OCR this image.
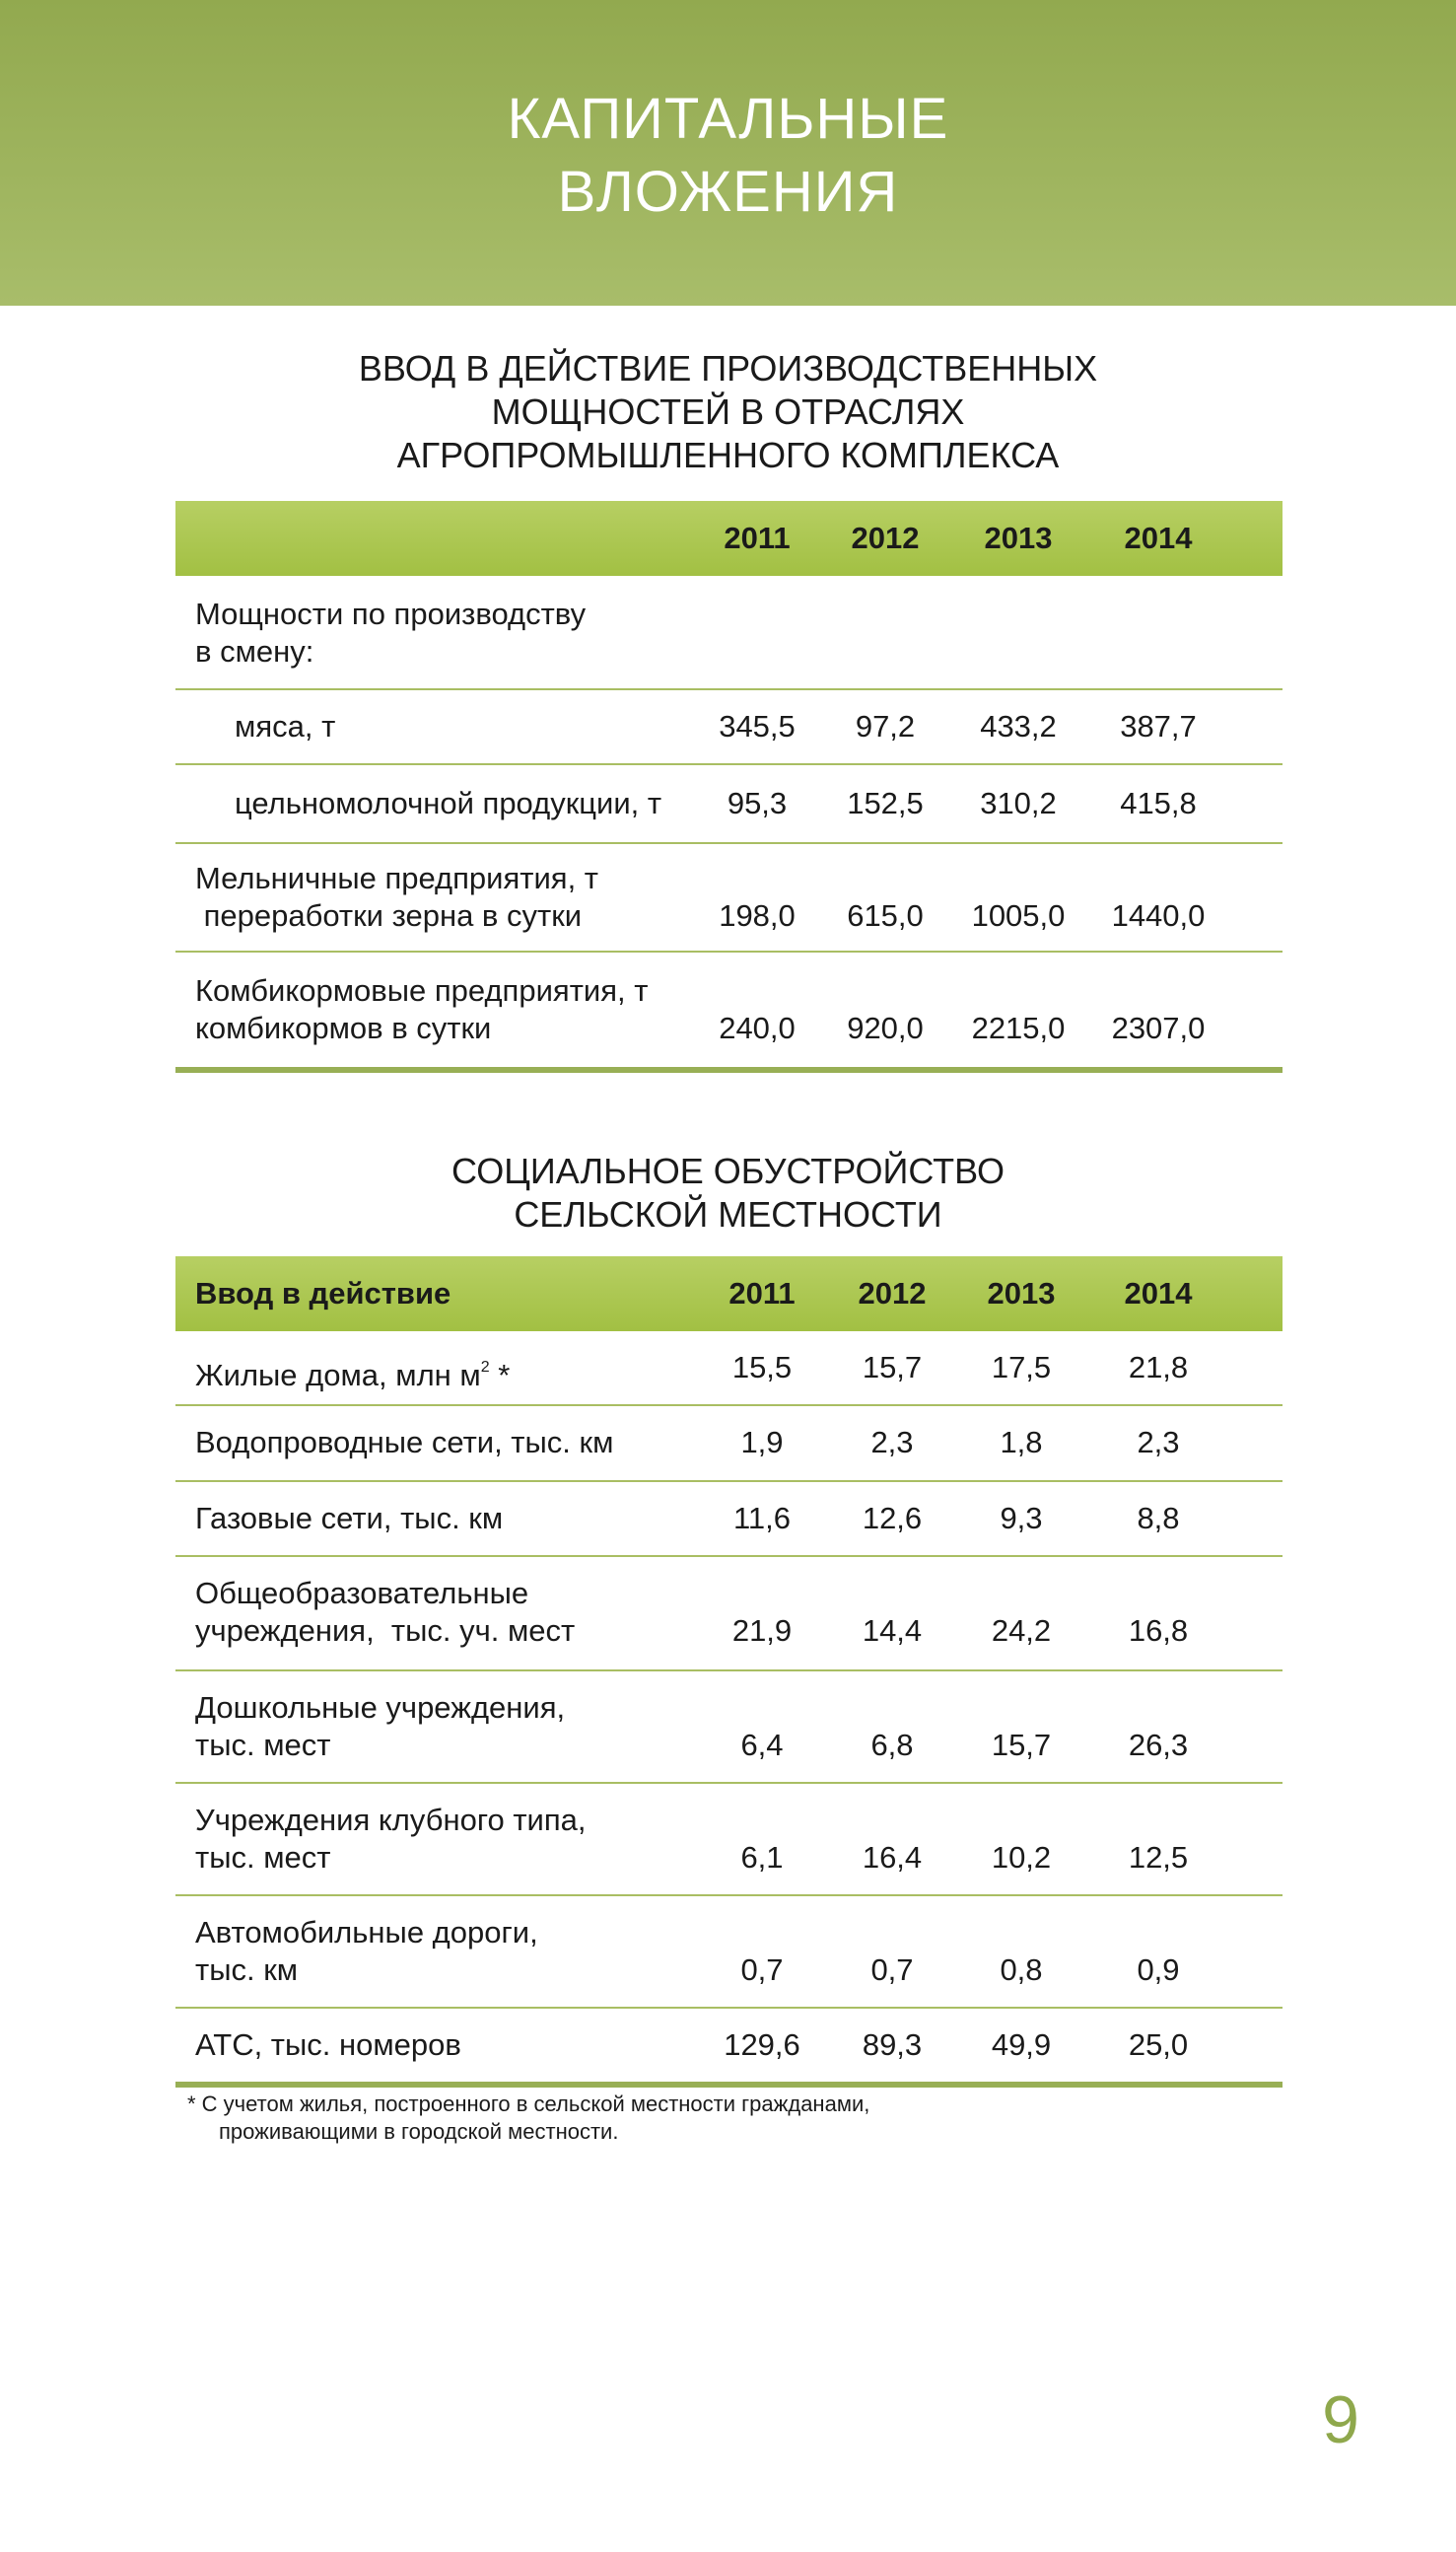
КАПИТАЛЬНЫЕ
ВЛОЖЕНИЯ
ВВОД В ДЕЙСТВИЕ ПРОИЗВОДСТВЕННЫХ
МОЩНОСТЕЙ В ОТРАСЛЯХ
АГРОПРОМЫШЛЕННОГО КОМПЛЕКСА
2011	2012	2013	2014
Мощности по производству
в смену:
мяса, т	345,5	97,2	433,2	387,7
цельномолочной продукции, т	95,3	152,5	310,2	415,8
Мельничные предприятия, т
переработки зерна в сутки	198,0	615,0	1005,0	1440,0
Комбикормовые предприятия, т
комбикормов в сутки	240,0	920,0	2215,0	2307,0
СОЦИАЛЬНОЕ ОБУСТРОЙСТВО
СЕЛЬСКОЙ МЕСТНОСТИ
Ввод в действие	2011	2012	2013	2014
Жилые дома, млн $м^2$ *	15,5	15,7	17,5	21,8
Водопроводные сети, тыс. км	1,9	2,3	1,8	2,3
Газовые сети, тыс. км	11,6	12,6	9,3	8,8
Общеобразовательные
учреждения,  тыс. уч. мест	21,9	14,4	24,2	16,8
Дошкольные учреждения,
тыс. мест	6,4	6,8	15,7	26,3
Учреждения клубного типа,
тыс. мест	6,1	16,4	10,2	12,5
Автомобильные дороги,
тыс. км	0,7	0,7	0,8	0,9
АТС, тыс. номеров	129,6	89,3	49,9	25,0
* С учетом жилья, построенного в сельской местности гражданами,
проживающими в городской местности.
9
